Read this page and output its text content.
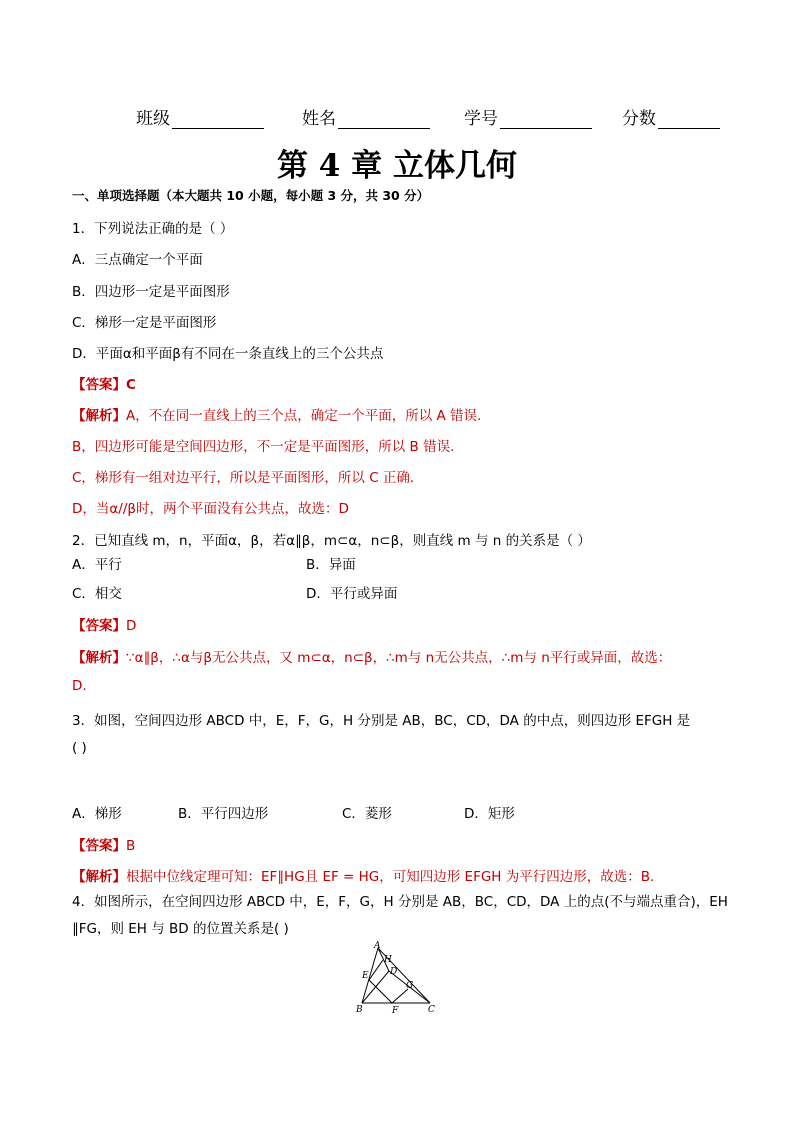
班级	姓名	学号	分数
第 4 章 立体几何
一、单项选择题（本大题共 10 小题，每小题 3 分，共 30 分）
1．下列说法正确的是（ ）
A．三点确定一个平面
B．四边形一定是平面图形
C．梯形一定是平面图形
D．平面α和平面β有不同在一条直线上的三个公共点
【答案】C
【解析】A，不在同一直线上的三个点，确定一个平面，所以 A 错误.
B，四边形可能是空间四边形，不一定是平面图形，所以 B 错误.
C，梯形有一组对边平行，所以是平面图形，所以 C 正确.
D，当α//β时，两个平面没有公共点，故选：D
2．已知直线 m，n，平面α，β，若α∥β，m⊂α，n⊂β，则直线 m 与 n 的关系是（ ）
A．平行	B．异面
C．相交	D．平行或异面
【答案】D
【解析】∵α∥β，∴α与β无公共点，又 m⊂α，n⊂β，∴m与 n无公共点，∴m与 n平行或异面，故选：
D.
3．如图，空间四边形 ABCD 中，E，F，G，H 分别是 AB，BC，CD，DA 的中点，则四边形 EFGH 是
( )
A．梯形	B．平行四边形	C．菱形	D．矩形
【答案】B
【解析】根据中位线定理可知：EF∥HG且 EF = HG，可知四边形 EFGH 为平行四边形，故选：B.
4．如图所示，在空间四边形 ABCD 中，E，F，G，H 分别是 AB，BC，CD，DA 上的点(不与端点重合)，EH
∥FG，则 EH 与 BD 的位置关系是( )
A
E
H
D
G
B	F	C
